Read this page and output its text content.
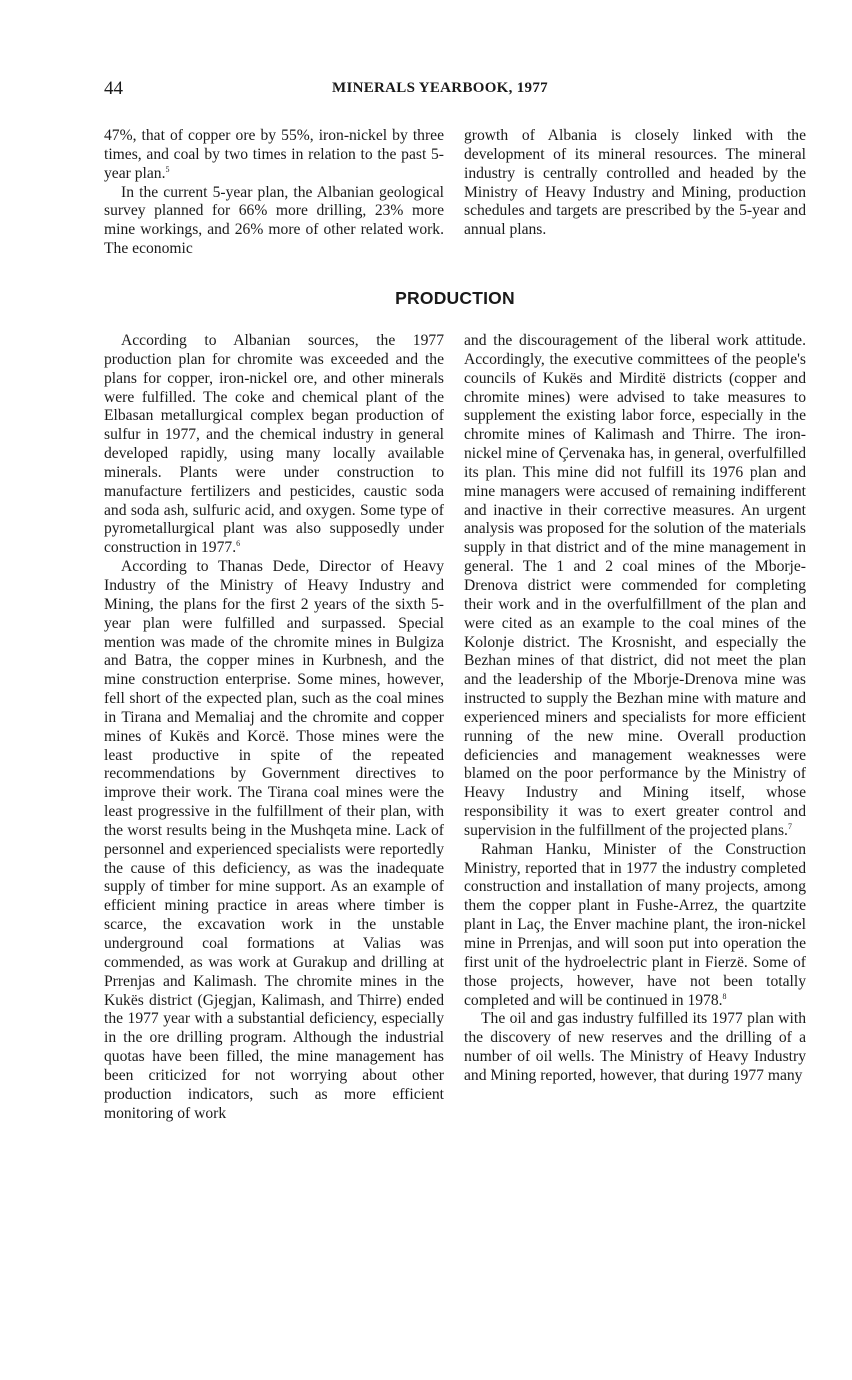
44	MINERALS YEARBOOK, 1977

47%, that of copper ore by 55%, iron-nickel by three times, and coal by two times in relation to the past 5-year plan.$^5$

In the current 5-year plan, the Albanian geological survey planned for 66% more drilling, 23% more mine workings, and 26% more of other related work. The economic

growth of Albania is closely linked with the development of its mineral resources. The mineral industry is centrally controlled and headed by the Ministry of Heavy Industry and Mining, production schedules and targets are prescribed by the 5-year and annual plans.

PRODUCTION

According to Albanian sources, the 1977 production plan for chromite was exceeded and the plans for copper, iron-nickel ore, and other minerals were fulfilled. The coke and chemical plant of the Elbasan metallurgical complex began production of sulfur in 1977, and the chemical industry in general developed rapidly, using many locally available minerals. Plants were under construction to manufacture fertilizers and pesticides, caustic soda and soda ash, sulfuric acid, and oxygen. Some type of pyrometallurgical plant was also supposedly under construction in 1977.$^6$

According to Thanas Dede, Director of Heavy Industry of the Ministry of Heavy Industry and Mining, the plans for the first 2 years of the sixth 5-year plan were fulfilled and surpassed. Special mention was made of the chromite mines in Bulgiza and Batra, the copper mines in Kurbnesh, and the mine construction enterprise. Some mines, however, fell short of the expected plan, such as the coal mines in Tirana and Memaliaj and the chromite and copper mines of Kukës and Korcë. Those mines were the least productive in spite of the repeated recommendations by Government directives to improve their work. The Tirana coal mines were the least progressive in the fulfillment of their plan, with the worst results being in the Mushqeta mine. Lack of personnel and experienced specialists were reportedly the cause of this deficiency, as was the inadequate supply of timber for mine support. As an example of efficient mining practice in areas where timber is scarce, the excavation work in the unstable underground coal formations at Valias was commended, as was work at Gurakup and drilling at Prrenjas and Kalimash. The chromite mines in the Kukës district (Gjegjan, Kalimash, and Thirre) ended the 1977 year with a substantial deficiency, especially in the ore drilling program. Although the industrial quotas have been filled, the mine management has been criticized for not worrying about other production indicators, such as more efficient monitoring of work

and the discouragement of the liberal work attitude. Accordingly, the executive committees of the people's councils of Kukës and Mirditë districts (copper and chromite mines) were advised to take measures to supplement the existing labor force, especially in the chromite mines of Kalimash and Thirre. The iron-nickel mine of Çervenaka has, in general, overfulfilled its plan. This mine did not fulfill its 1976 plan and mine managers were accused of remaining indifferent and inactive in their corrective measures. An urgent analysis was proposed for the solution of the materials supply in that district and of the mine management in general. The 1 and 2 coal mines of the Mborje-Drenova district were commended for completing their work and in the overfulfillment of the plan and were cited as an example to the coal mines of the Kolonje district. The Krosnisht, and especially the Bezhan mines of that district, did not meet the plan and the leadership of the Mborje-Drenova mine was instructed to supply the Bezhan mine with mature and experienced miners and specialists for more efficient running of the new mine. Overall production deficiencies and management weaknesses were blamed on the poor performance by the Ministry of Heavy Industry and Mining itself, whose responsibility it was to exert greater control and supervision in the fulfillment of the projected plans.$^7$

Rahman Hanku, Minister of the Construction Ministry, reported that in 1977 the industry completed construction and installation of many projects, among them the copper plant in Fushe-Arrez, the quartzite plant in Laç, the Enver machine plant, the iron-nickel mine in Prrenjas, and will soon put into operation the first unit of the hydroelectric plant in Fierzë. Some of those projects, however, have not been totally completed and will be continued in 1978.$^8$

The oil and gas industry fulfilled its 1977 plan with the discovery of new reserves and the drilling of a number of oil wells. The Ministry of Heavy Industry and Mining reported, however, that during 1977 many
